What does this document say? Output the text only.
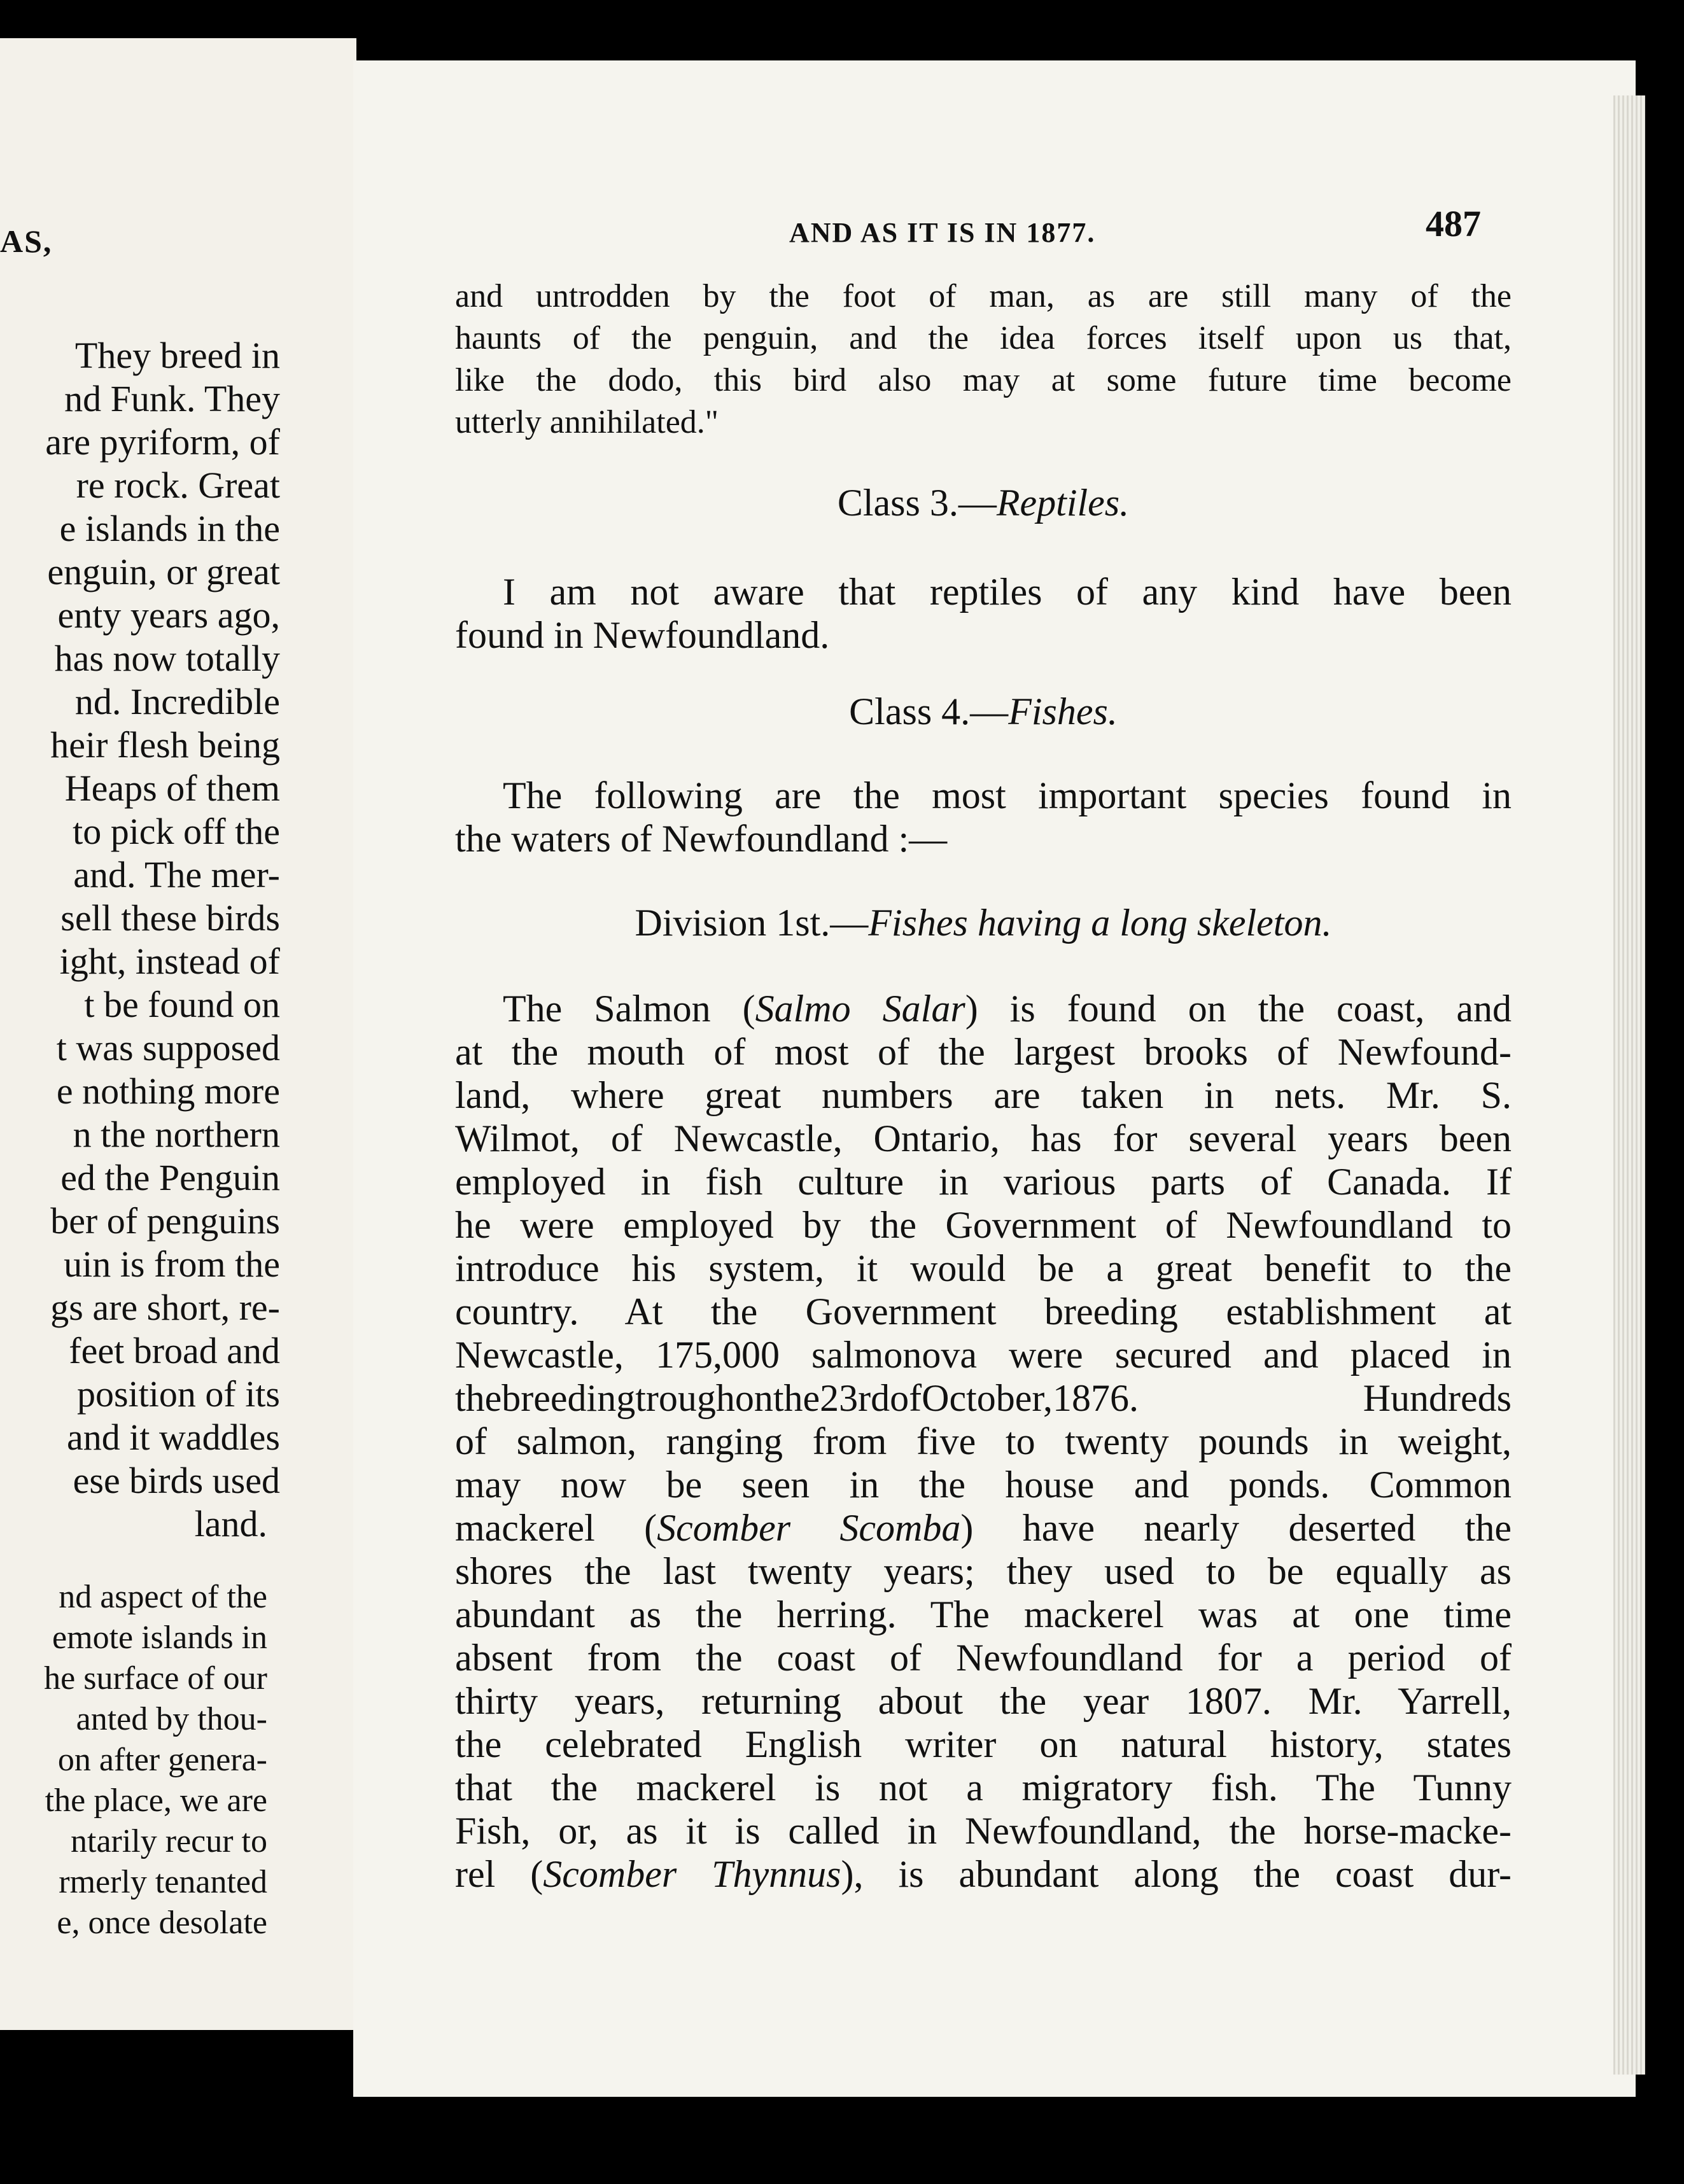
AS,
They breed in
nd Funk. They
are pyriform, of
re rock. Great
e islands in the
enguin, or great
enty years ago,
has now totally
nd. Incredible
heir flesh being
Heaps of them
to pick off the
and. The mer-
sell these birds
ight, instead of
t be found on
t was supposed
e nothing more
n the northern
ed the Penguin
ber of penguins
uin is from the
gs are short, re-
feet broad and
position of its
and it waddles
ese birds used
land.
nd aspect of the
emote islands in
he surface of our
anted by thou-
on after genera-
the place, we are
ntarily recur to
rmerly tenanted
e, once desolate
AND AS IT IS IN 1877.	487
and untrodden by the foot of man, as are still many of the
haunts of the penguin, and the idea forces itself upon us that,
like the dodo, this bird also may at some future time become
utterly annihilated."
Class 3.—Reptiles.
I am not aware that reptiles of any kind have been
found in Newfoundland.
Class 4.—Fishes.
The following are the most important species found in
the waters of Newfoundland :—
Division 1st.—Fishes having a long skeleton.
The Salmon (Salmo Salar) is found on the coast, and
at the mouth of most of the largest brooks of Newfound-
land, where great numbers are taken in nets. Mr. S.
Wilmot, of Newcastle, Ontario, has for several years been
employed in fish culture in various parts of Canada. If
he were employed by the Government of Newfoundland to
introduce his system, it would be a great benefit to the
country. At the Government breeding establishment at
Newcastle, 175,000 salmonova were secured and placed in
thebreedingtroughonthe23rdofOctober,1876. Hundreds
of salmon, ranging from five to twenty pounds in weight,
may now be seen in the house and ponds. Common
mackerel (Scomber Scomba) have nearly deserted the
shores the last twenty years; they used to be equally as
abundant as the herring. The mackerel was at one time
absent from the coast of Newfoundland for a period of
thirty years, returning about the year 1807. Mr. Yarrell,
the celebrated English writer on natural history, states
that the mackerel is not a migratory fish. The Tunny
Fish, or, as it is called in Newfoundland, the horse-macke-
rel (Scomber Thynnus), is abundant along the coast dur-
